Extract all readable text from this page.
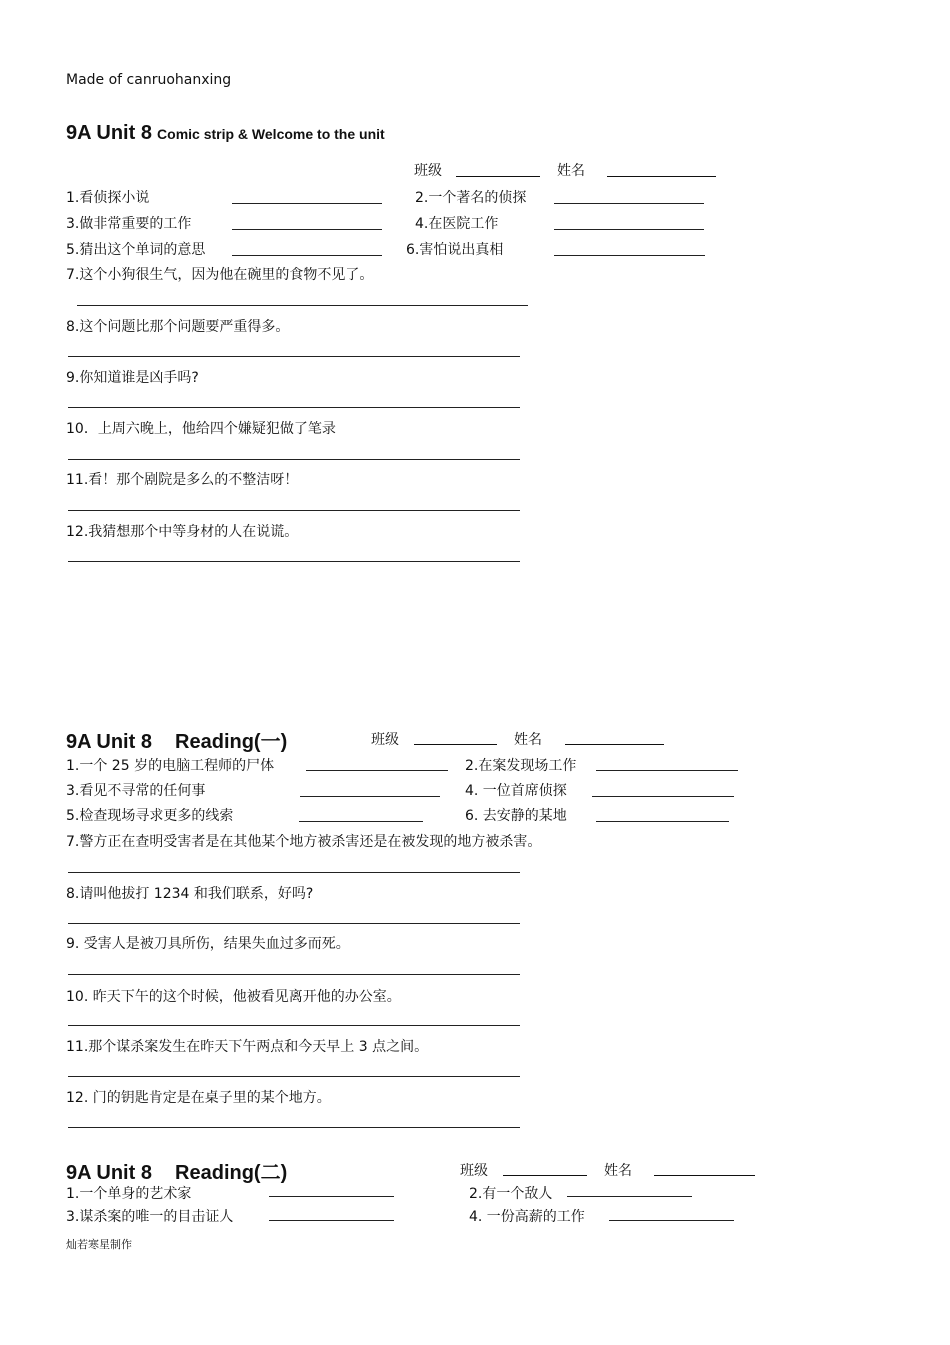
Made of canruohanxing
9A Unit 8 Comic strip & Welcome to the unit
班级	姓名
1.看侦探小说	2.一个著名的侦探
3.做非常重要的工作	4.在医院工作
5.猜出这个单词的意思	6.害怕说出真相
7.这个小狗很生气，因为他在碗里的食物不见了。
8.这个问题比那个问题要严重得多。
9.你知道谁是凶手吗?
10．上周六晚上，他给四个嫌疑犯做了笔录
11.看！那个剧院是多么的不整洁呀！
12.我猜想那个中等身材的人在说谎。
9A Unit 8 Reading(一)	班级	姓名
1.一个 25 岁的电脑工程师的尸体	2.在案发现场工作
3.看见不寻常的任何事	4. 一位首席侦探
5.检查现场寻求更多的线索	6. 去安静的某地
7.警方正在查明受害者是在其他某个地方被杀害还是在被发现的地方被杀害。
8.请叫他拔打 1234 和我们联系，好吗?
9. 受害人是被刀具所伤，结果失血过多而死。
10. 昨天下午的这个时候，他被看见离开他的办公室。
11.那个谋杀案发生在昨天下午两点和今天早上 3 点之间。
12. 门的钥匙肯定是在桌子里的某个地方。
9A Unit 8 Reading(二)	班级	姓名
1.一个单身的艺术家	2.有一个敌人
3.谋杀案的唯一的目击证人	4. 一份高薪的工作
灿若寒星制作
